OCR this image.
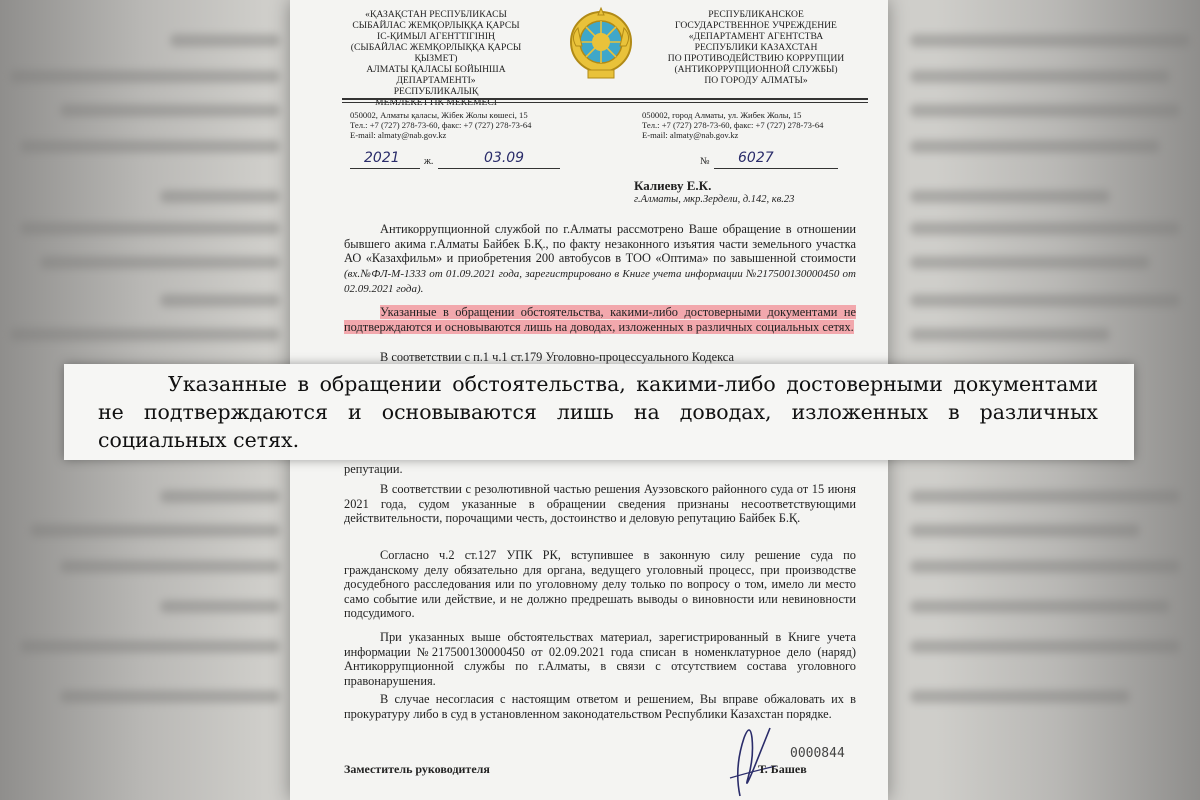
«ҚАЗАҚСТАН РЕСПУБЛИКАСЫ
СЫБАЙЛАС ЖЕМҚОРЛЫҚҚА ҚАРСЫ
ІС-ҚИМЫЛ АГЕНТТІГІНІҢ
(СЫБАЙЛАС ЖЕМҚОРЛЫҚҚА ҚАРСЫ ҚЫЗМЕТ)
АЛМАТЫ ҚАЛАСЫ БОЙЫНША ДЕПАРТАМЕНТІ»
РЕСПУБЛИКАЛЫҚ
РЕСПУБЛИКАНСКОЕ
ГОСУДАРСТВЕННОЕ УЧРЕЖДЕНИЕ
«ДЕПАРТАМЕНТ АГЕНТСТВА
РЕСПУБЛИКИ КАЗАХСТАН
ПО ПРОТИВОДЕЙСТВИЮ КОРРУПЦИИ
(АНТИКОРРУПЦИОННОЙ СЛУЖБЫ)
ПО ГОРОДУ АЛМАТЫ»
050002, Алматы қаласы, Жібек Жолы көшесі, 15
Тел.: +7 (727) 278-73-60, факс: +7 (727) 278-73-64
E-mail: almaty@nab.gov.kz
050002, город Алматы, ул. Жибек Жолы, 15
Тел.: +7 (727) 278-73-60, факс: +7 (727) 278-73-64
E-mail: almaty@nab.gov.kz
2021 ж.	03.09	№ 6027
Калиеву Е.К.
г.Алматы, мкр.Зердели, д.142, кв.23
Антикоррупционной службой по г.Алматы рассмотрено Ваше обращение в отношении бывшего акима г.Алматы Байбек Б.Қ., по факту незаконного изъятия части земельного участка АО «Казахфильм» и приобретения 200 автобусов в ТОО «Оптима» по завышенной стоимости (вх.№ФЛ-М-1333 от 01.09.2021 года, зарегистрировано в Книге учета информации №217500130000450 от 02.09.2021 года).
Указанные в обращении обстоятельства, какими-либо достоверными документами не подтверждаются и основываются лишь на доводах, изложенных в различных социальных сетях.
В соответствии с п.1 ч.1 ст.179 Уголовно-процессуального Кодекса
репутации.
В соответствии с резолютивной частью решения Ауэзовского районного суда от 15 июня 2021 года, судом указанные в обращении сведения признаны несоответствующими действительности, порочащими честь, достоинство и деловую репутацию Байбек Б.Қ.
Согласно ч.2 ст.127 УПК РК, вступившее в законную силу решение суда по гражданскому делу обязательно для органа, ведущего уголовный процесс, при производстве досудебного расследования или по уголовному делу только по вопросу о том, имело ли место само событие или действие, и не должно предрешать выводы о виновности или невиновности подсудимого.
При указанных выше обстоятельствах материал, зарегистрированный в Книге учета информации №217500130000450 от 02.09.2021 года списан в номенклатурное дело (наряд) Антикоррупционной службы по г.Алматы, в связи с отсутствием состава уголовного правонарушения.
В случае несогласия с настоящим ответом и решением, Вы вправе обжаловать их в прокуратуру либо в суд в установленном законодательством Республики Казахстан порядке.
0000844
Заместитель руководителя	Т. Башев
Указанные в обращении обстоятельства, какими-либо достоверными документами не подтверждаются и основываются лишь на доводах, изложенных в различных социальных сетях.
